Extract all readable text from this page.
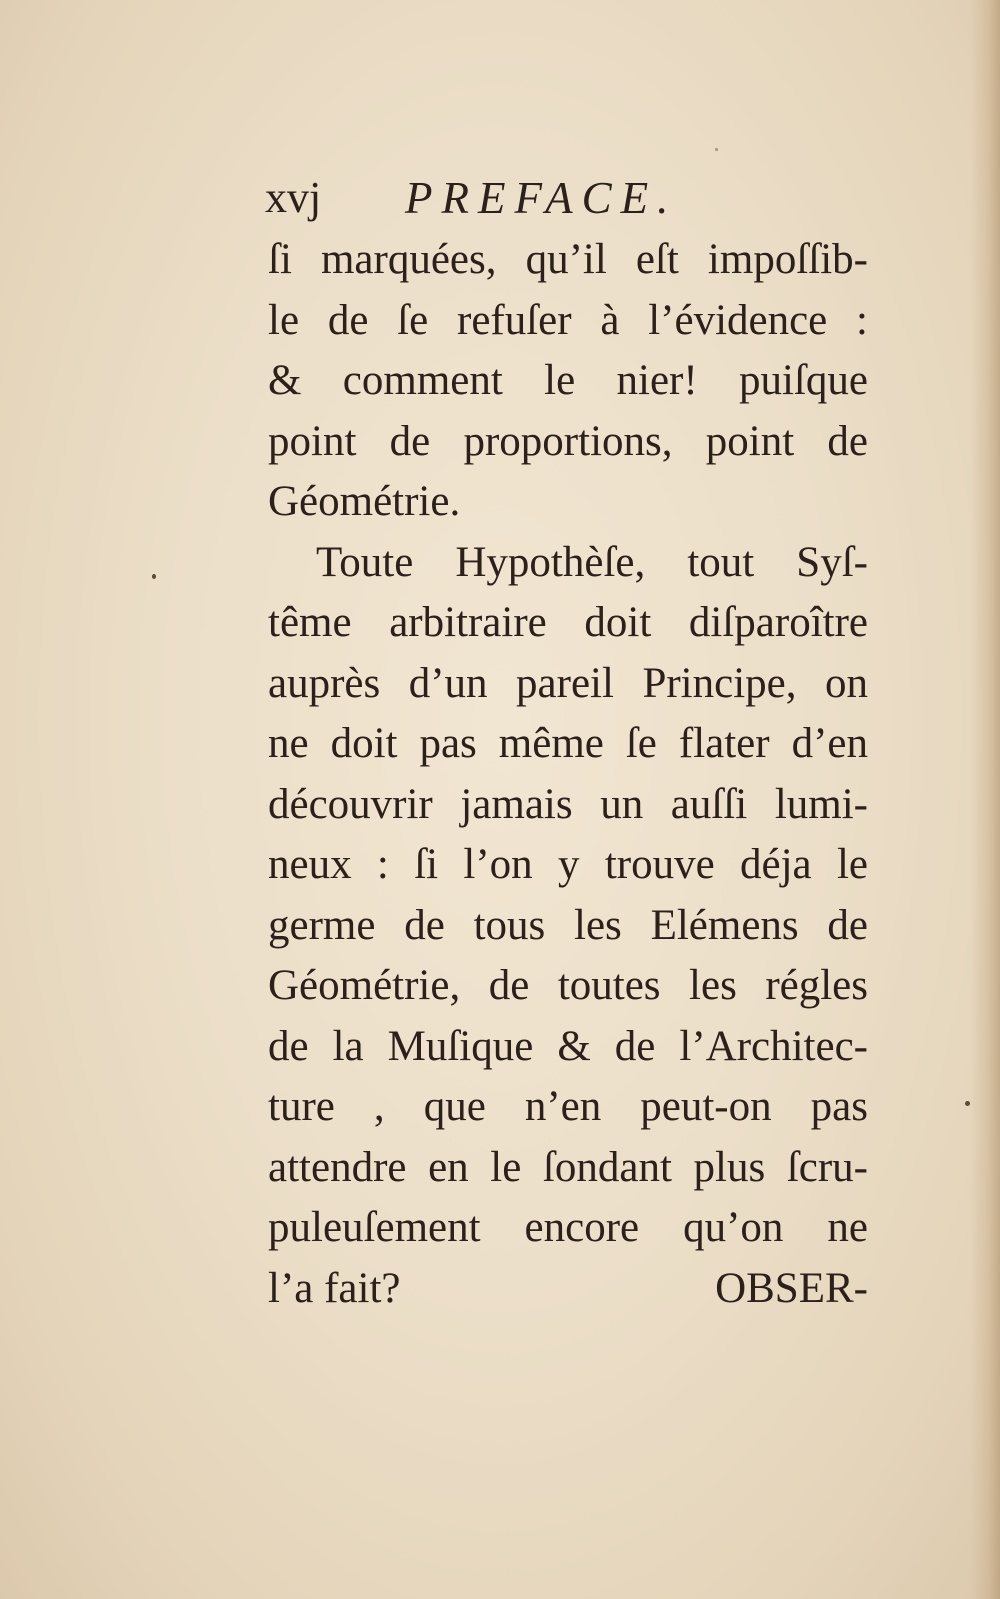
xvj PREFACE.
ſi marquées, qu’il eſt impoſſib-
le de ſe refuſer à l’évidence :
& comment le nier! puiſque
point de proportions, point de
Géométrie.
Toute Hypothèſe, tout Syſ-
tême arbitraire doit diſparoître
auprès d’un pareil Principe, on
ne doit pas même ſe flater d’en
découvrir jamais un auſſi lumi-
neux : ſi l’on y trouve déja le
germe de tous les Elémens de
Géométrie, de toutes les régles
de la Muſique & de l’Architec-
ture , que n’en peut-on pas
attendre en le ſondant plus ſcru-
puleuſement encore qu’on ne
l’a fait?	OBSER-
